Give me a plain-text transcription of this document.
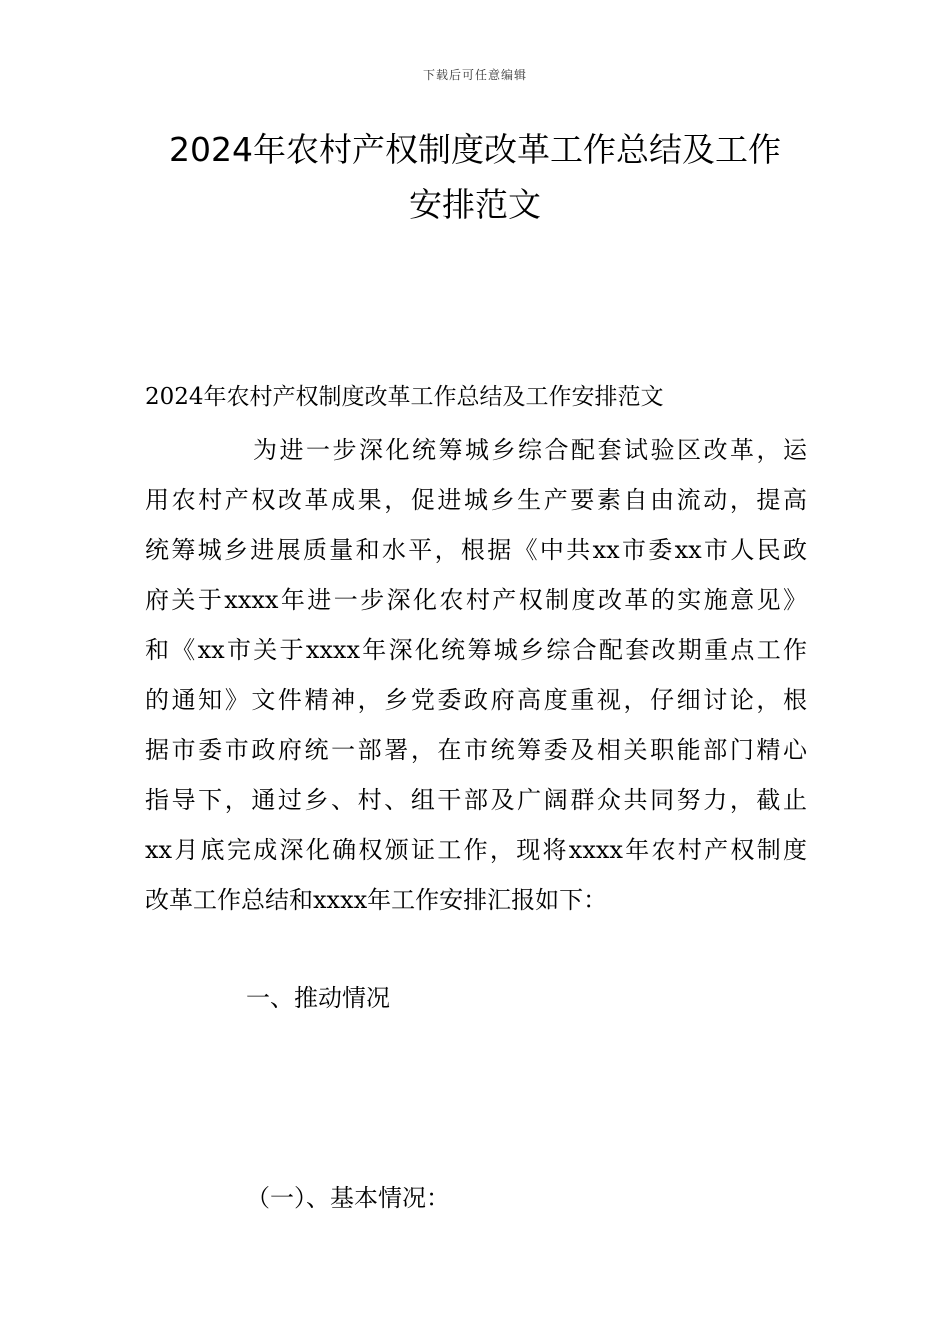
下载后可任意编辑
2024年农村产权制度改革工作总结及工作
安排范文
2024年农村产权制度改革工作总结及工作安排范文
为进一步深化统筹城乡综合配套试验区改革，运
用农村产权改革成果，促进城乡生产要素自由流动，提高
统筹城乡进展质量和水平，根据《中共xx市委xx市人民政
府关于xxxx年进一步深化农村产权制度改革的实施意见》
和《xx市关于xxxx年深化统筹城乡综合配套改期重点工作
的通知》文件精神，乡党委政府高度重视，仔细讨论，根
据市委市政府统一部署，在市统筹委及相关职能部门精心
指导下，通过乡、村、组干部及广阔群众共同努力，截止
xx月底完成深化确权颁证工作，现将xxxx年农村产权制度
改革工作总结和xxxx年工作安排汇报如下：
一、推动情况
（一）、基本情况：
